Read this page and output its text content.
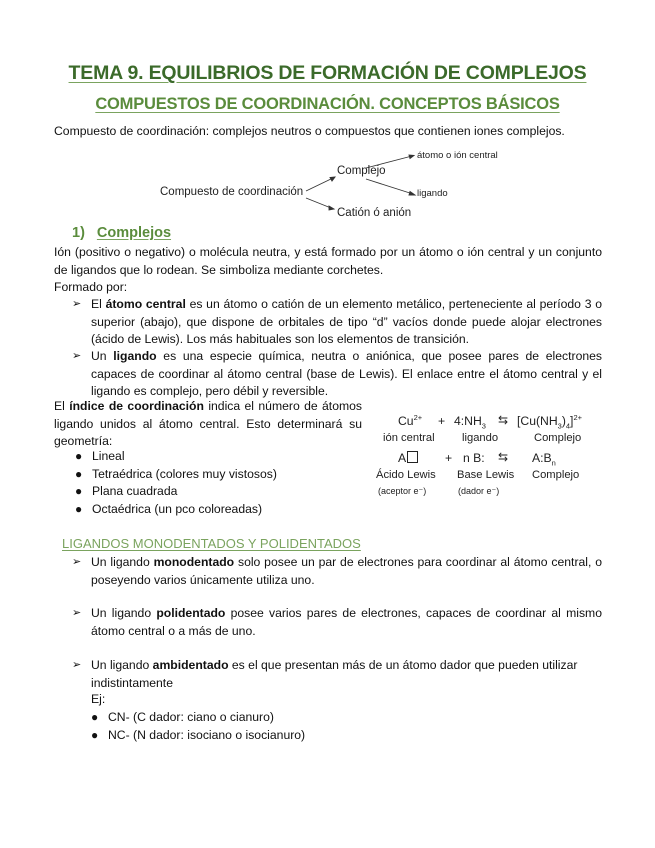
TEMA 9. EQUILIBRIOS DE FORMACIÓN DE COMPLEJOS
COMPUESTOS DE COORDINACIÓN. CONCEPTOS BÁSICOS
Compuesto de coordinación: complejos neutros o compuestos que contienen iones complejos.
Compuesto de coordinación
Complejo
Catión ó anión
átomo o ión central
ligando
1) Complejos
Ión (positivo o negativo) o molécula neutra, y está formado por un átomo o ión central y un conjunto de ligandos que lo rodean. Se simboliza mediante corchetes.
Formado por:
➢ El átomo central es un átomo o catión de un elemento metálico, perteneciente al período 3 o superior (abajo), que dispone de orbitales de tipo “d” vacíos donde puede alojar electrones (ácido de Lewis). Los más habituales son los elementos de transición.
➢ Un ligando es una especie química, neutra o aniónica, que posee pares de electrones capaces de coordinar al átomo central (base de Lewis). El enlace entre el átomo central y el ligando es complejo, pero débil y reversible.
El índice de coordinación indica el número de átomos ligando unidos al átomo central. Esto determinará su geometría:
● Lineal
● Tetraédrica (colores muy vistosos)
● Plana cuadrada
● Octaédrica (un pco coloreadas)
$Cu^{2+}$ + $4:NH_3$ ⇆ $[Cu(NH_3)_4]^{2+}$
ión central ligando	Complejo
A	+ n B: ⇆ $A:B_n$
Ácido Lewis Base Lewis Complejo
(aceptor e⁻)	(dador e⁻)
LIGANDOS MONODENTADOS Y POLIDENTADOS
➢ Un ligando monodentado solo posee un par de electrones para coordinar al átomo central, o poseyendo varios únicamente utiliza uno.
➢ Un ligando polidentado posee varios pares de electrones, capaces de coordinar al mismo átomo central o a más de uno.
➢ Un ligando ambidentado es el que presentan más de un átomo dador que pueden utilizar indistintamente
Ej:
● CN- (C dador: ciano o cianuro)
● NC- (N dador: isociano o isocianuro)
